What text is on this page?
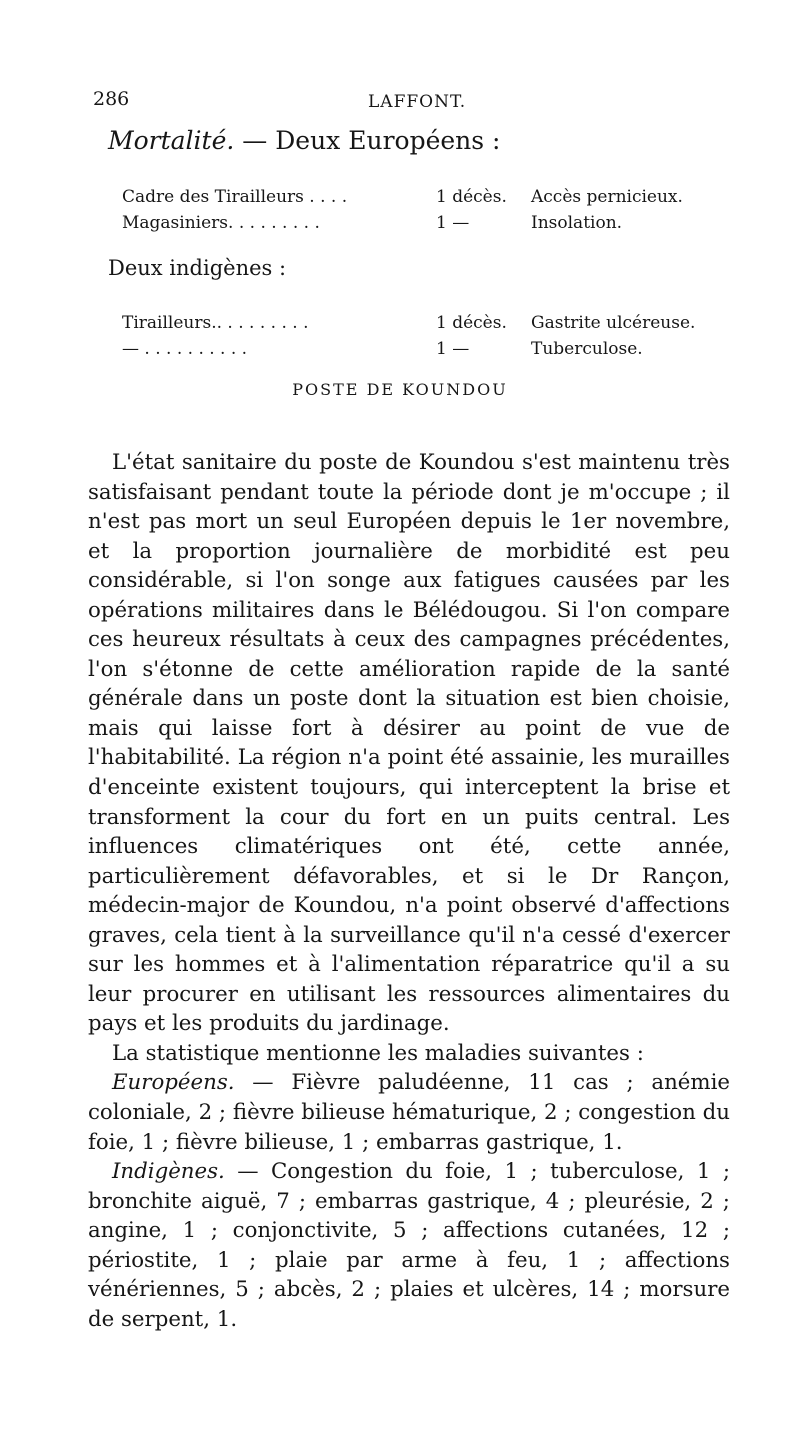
286	LAFFONT.
Mortalité. — Deux Européens :
Cadre des Tirailleurs . . . .	1 décès. Accès pernicieux.
Magasiniers. . . . . . . . .	1 —	Insolation.
Deux indigènes :
Tirailleurs.. . . . . . . . .	1 décès. Gastrite ulcéreuse.
— . . . . . . . . . .	1 —	Tuberculose.
POSTE DE KOUNDOU

L'état sanitaire du poste de Koundou s'est maintenu très satisfaisant pendant toute la période dont je m'occupe ; il n'est pas mort un seul Européen depuis le 1er novembre, et la proportion journalière de morbidité est peu considérable, si l'on songe aux fatigues causées par les opérations militaires dans le Bélédougou. Si l'on compare ces heureux résultats à ceux des campagnes précédentes, l'on s'étonne de cette amélioration rapide de la santé générale dans un poste dont la situation est bien choisie, mais qui laisse fort à désirer au point de vue de l'habitabilité. La région n'a point été assainie, les murailles d'enceinte existent toujours, qui interceptent la brise et transforment la cour du fort en un puits central. Les influences climatériques ont été, cette année, particulièrement défavorables, et si le Dr Rançon, médecin-major de Koundou, n'a point observé d'affections graves, cela tient à la surveillance qu'il n'a cessé d'exercer sur les hommes et à l'alimentation réparatrice qu'il a su leur procurer en utilisant les ressources alimentaires du pays et les produits du jardinage.

La statistique mentionne les maladies suivantes :

Européens. — Fièvre paludéenne, 11 cas ; anémie coloniale, 2 ; fièvre bilieuse hématurique, 2 ; congestion du foie, 1 ; fièvre bilieuse, 1 ; embarras gastrique, 1.

Indigènes. — Congestion du foie, 1 ; tuberculose, 1 ; bronchite aiguë, 7 ; embarras gastrique, 4 ; pleurésie, 2 ; angine, 1 ; conjonctivite, 5 ; affections cutanées, 12 ; périostite, 1 ; plaie par arme à feu, 1 ; affections vénériennes, 5 ; abcès, 2 ; plaies et ulcères, 14 ; morsure de serpent, 1.
